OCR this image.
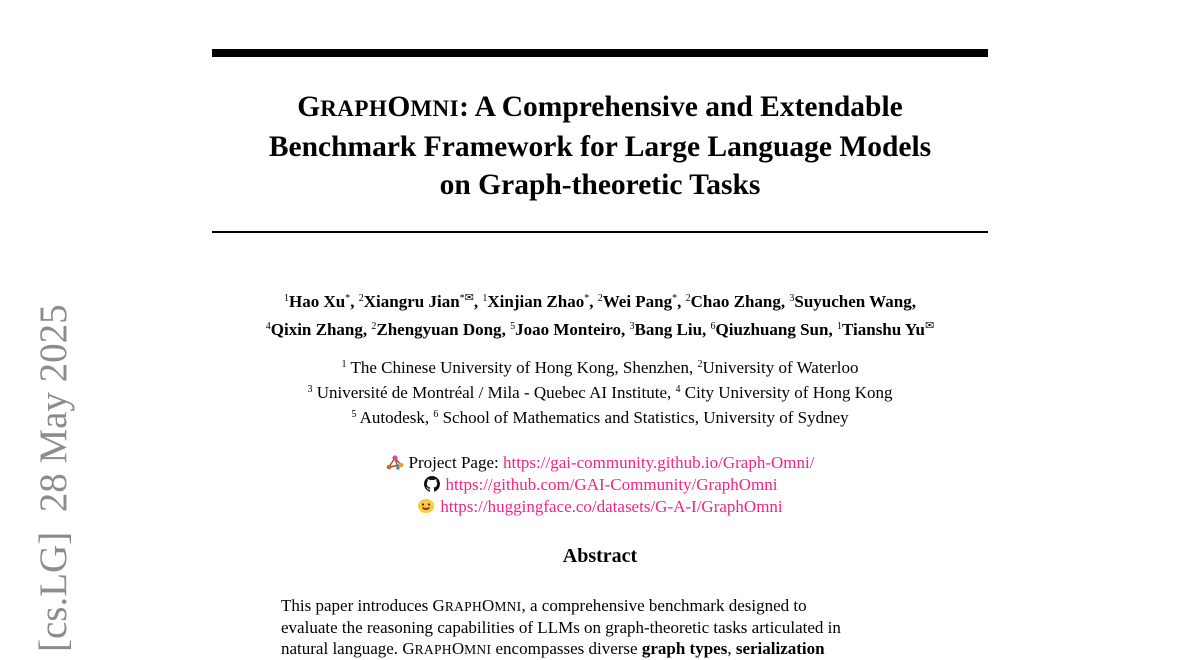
[cs.LG]  28 May 2025
GRAPHOMNI: A Comprehensive and Extendable
Benchmark Framework for Large Language Models
on Graph-theoretic Tasks
$^1$Hao Xu*, $^2$Xiangru Jian*✉, $^1$Xinjian Zhao*, $^2$Wei Pang*, $^2$Chao Zhang, $^3$Suyuchen Wang,
$^4$Qixin Zhang, $^2$Zhengyuan Dong, $^5$Joao Monteiro, $^3$Bang Liu, $^6$Qiuzhuang Sun, $^1$Tianshu Yu✉
$^1$ The Chinese University of Hong Kong, Shenzhen, $^2$University of Waterloo
$^3$ Université de Montréal / Mila - Quebec AI Institute, $^4$ City University of Hong Kong
$^5$ Autodesk, $^6$ School of Mathematics and Statistics, University of Sydney
Project Page: https://gai-community.github.io/Graph-Omni/
https://github.com/GAI-Community/GraphOmni
https://huggingface.co/datasets/G-A-I/GraphOmni
Abstract
This paper introduces GRAPHOMNI, a comprehensive benchmark designed to
evaluate the reasoning capabilities of LLMs on graph-theoretic tasks articulated in
natural language. GRAPHOMNI encompasses diverse graph types, serialization
